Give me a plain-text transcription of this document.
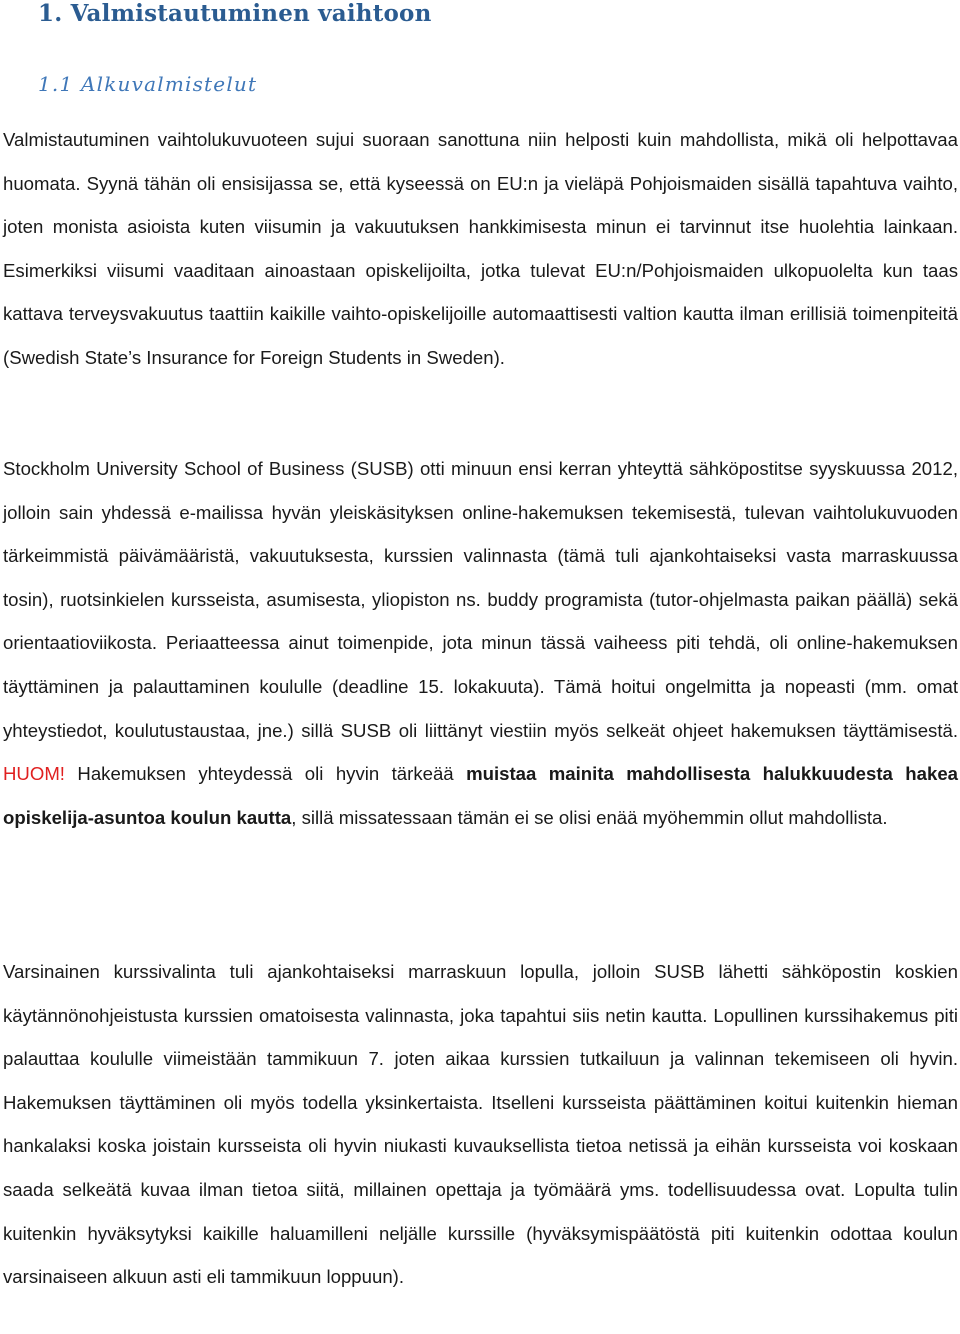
1. Valmistautuminen vaihtoon
1.1 Alkuvalmistelut

Valmistautuminen vaihtolukuvuoteen sujui suoraan sanottuna niin helposti kuin mahdollista, mikä oli helpottavaa huomata. Syynä tähän oli ensisijassa se, että kyseessä on EU:n ja vieläpä Pohjoismaiden sisällä tapahtuva vaihto, joten monista asioista kuten viisumin ja vakuutuksen hankkimisesta minun ei tarvinnut itse huolehtia lainkaan. Esimerkiksi viisumi vaaditaan ainoastaan opiskelijoilta, jotka tulevat EU:n/Pohjoismaiden ulkopuolelta kun taas kattava terveysvakuutus taattiin kaikille vaihto-opiskelijoille automaattisesti valtion kautta ilman erillisiä toimenpiteitä (Swedish State’s Insurance for Foreign Students in Sweden).

Stockholm University School of Business (SUSB) otti minuun ensi kerran yhteyttä sähköpostitse syyskuussa 2012, jolloin sain yhdessä e-mailissa hyvän yleiskäsityksen online-hakemuksen tekemisestä, tulevan vaihtolukuvuoden tärkeimmistä päivämääristä, vakuutuksesta, kurssien valinnasta (tämä tuli ajankohtaiseksi vasta marraskuussa tosin), ruotsinkielen kursseista, asumisesta, yliopiston ns. buddy programista (tutor-ohjelmasta paikan päällä) sekä orientaatioviikosta. Periaatteessa ainut toimenpide, jota minun tässä vaiheess piti tehdä, oli online-hakemuksen täyttäminen ja palauttaminen koululle (deadline 15. lokakuuta). Tämä hoitui ongelmitta ja nopeasti (mm. omat yhteystiedot, koulutustaustaa, jne.) sillä SUSB oli liittänyt viestiin myös selkeät ohjeet hakemuksen täyttämisestä. HUOM! Hakemuksen yhteydessä oli hyvin tärkeää muistaa mainita mahdollisesta halukkuudesta hakea opiskelija-asuntoa koulun kautta, sillä missatessaan tämän ei se olisi enää myöhemmin ollut mahdollista.

Varsinainen kurssivalinta tuli ajankohtaiseksi marraskuun lopulla, jolloin SUSB lähetti sähköpostin koskien käytännönohjeistusta kurssien omatoisesta valinnasta, joka tapahtui siis netin kautta. Lopullinen kurssihakemus piti palauttaa koululle viimeistään tammikuun 7. joten aikaa kurssien tutkailuun ja valinnan tekemiseen oli hyvin. Hakemuksen täyttäminen oli myös todella yksinkertaista. Itselleni kursseista päättäminen koitui kuitenkin hieman hankalaksi koska joistain kursseista oli hyvin niukasti kuvauksellista tietoa netissä ja eihän kursseista voi koskaan saada selkeätä kuvaa ilman tietoa siitä, millainen opettaja ja työmäärä yms. todellisuudessa ovat. Lopulta tulin kuitenkin hyväksytyksi kaikille haluamilleni neljälle kurssille (hyväksymispäätöstä piti kuitenkin odottaa koulun varsinaiseen alkuun asti eli tammikuun loppuun).
